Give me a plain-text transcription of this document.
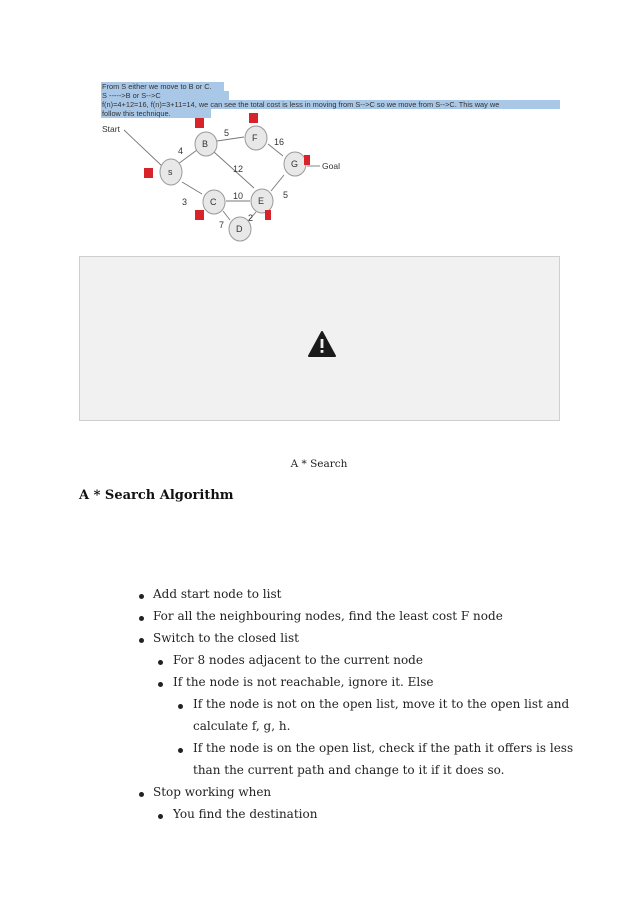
From S either we move to B or C.
S ----->B or S-->C
f(n)=4+12=16, f(n)=3+11=14, we can see the total cost is less in moving from S-->C so we move from S-->C. This way we
follow this technique.
4
5
16
12
3
10	5
7
2
s
B
F
G
C	E
D
Start
Goal
A * Search
A * Search Algorithm
Add start node to list
For all the neighbouring nodes, find the least cost F node
Switch to the closed list
For 8 nodes adjacent to the current node
If the node is not reachable, ignore it. Else
If the node is not on the open list, move it to the open list and
calculate f, g, h.
If the node is on the open list, check if the path it offers is less
than the current path and change to it if it does so.
Stop working when
You find the destination
